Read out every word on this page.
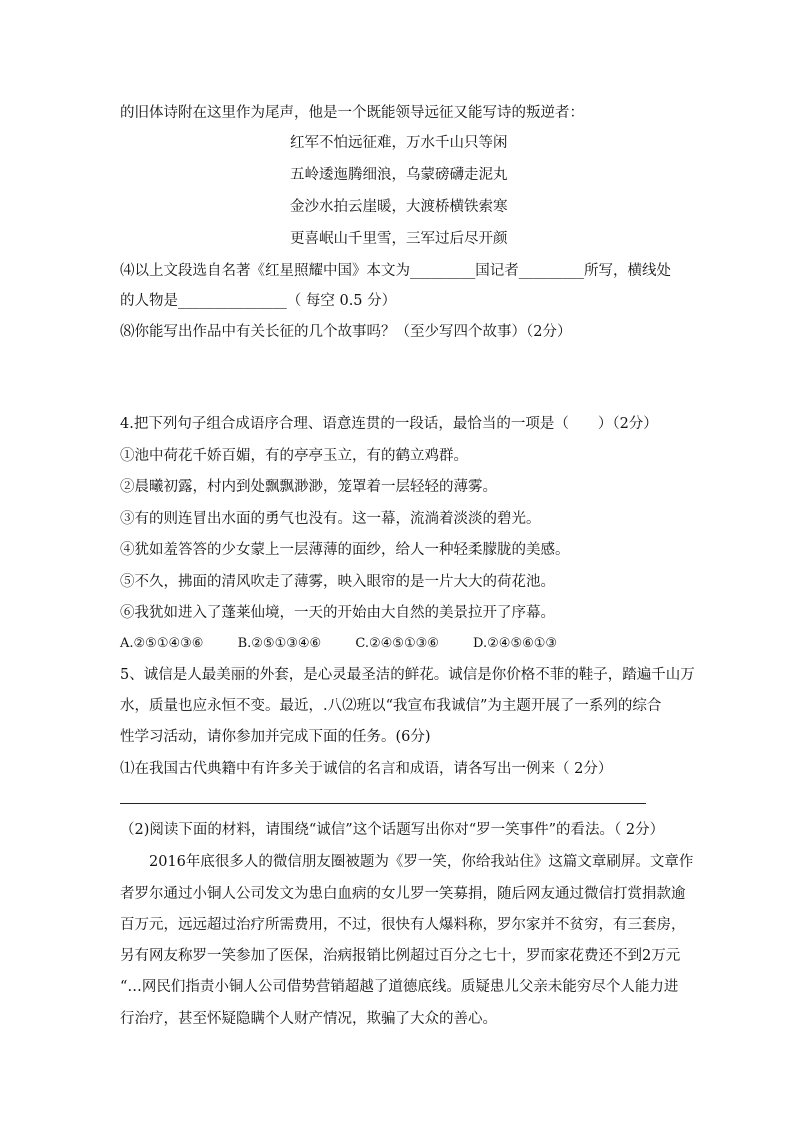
的旧体诗附在这里作为尾声，他是一个既能领导远征又能写诗的叛逆者：
红军不怕远征难，万水千山只等闲
五岭逶迤腾细浪，乌蒙磅礴走泥丸
金沙水拍云崖暖，大渡桥横铁索寒
更喜岷山千里雪，三军过后尽开颜
⑷以上文段选自名著《红星照耀中国》本文为_________国记者_________所写，横线处
的人物是_______________（ 每空 0.5 分）
⑻你能写出作品中有关长征的几个故事吗？（至少写四个故事）（2分）
4.把下列句子组合成语序合理、语意连贯的一段话，最恰当的一项是（　　）（2分）
①池中荷花千娇百媚，有的亭亭玉立，有的鹤立鸡群。
②晨曦初露，村内到处飘飘渺渺，笼罩着一层轻轻的薄雾。
③有的则连冒出水面的勇气也没有。这一幕，流淌着淡淡的碧光。
④犹如羞答答的少女蒙上一层薄薄的面纱，给人一种轻柔朦胧的美感。
⑤不久，拂面的清风吹走了薄雾，映入眼帘的是一片大大的荷花池。
⑥我犹如进入了蓬莱仙境，一天的开始由大自然的美景拉开了序幕。
A.②⑤①④③⑥	B.②⑤①③④⑥	C.②④⑤①③⑥	D.②④⑤⑥①③
5、诚信是人最美丽的外套，是心灵最圣洁的鲜花。诚信是你价格不菲的鞋子，踏遍千山万
水，质量也应永恒不变。最近，.八⑵班以“我宣布我诚信”为主题开展了一系列的综合
性学习活动，请你参加并完成下面的任务。(6分)
⑴在我国古代典籍中有许多关于诚信的名言和成语，请各写出一例来（ 2分）
（2)阅读下面的材料，请围绕“诚信”这个话题写出你对“罗一笑事件”的看法。（ 2分）
　　2016年底很多人的微信朋友圈被题为《罗一笑，你给我站住》这篇文章刷屏。文章作
者罗尔通过小铜人公司发文为患白血病的女儿罗一笑募捐，随后网友通过微信打赏捐款逾
百万元，远远超过治疗所需费用，不过，很快有人爆料称，罗尔家并不贫穷，有三套房，
另有网友称罗一笑参加了医保，治病报销比例超过百分之七十，罗而家花费还不到2万元
“…网民们指责小铜人公司借势营销超越了道德底线。质疑患儿父亲未能穷尽个人能力进
行治疗，甚至怀疑隐瞒个人财产情况，欺骗了大众的善心。
